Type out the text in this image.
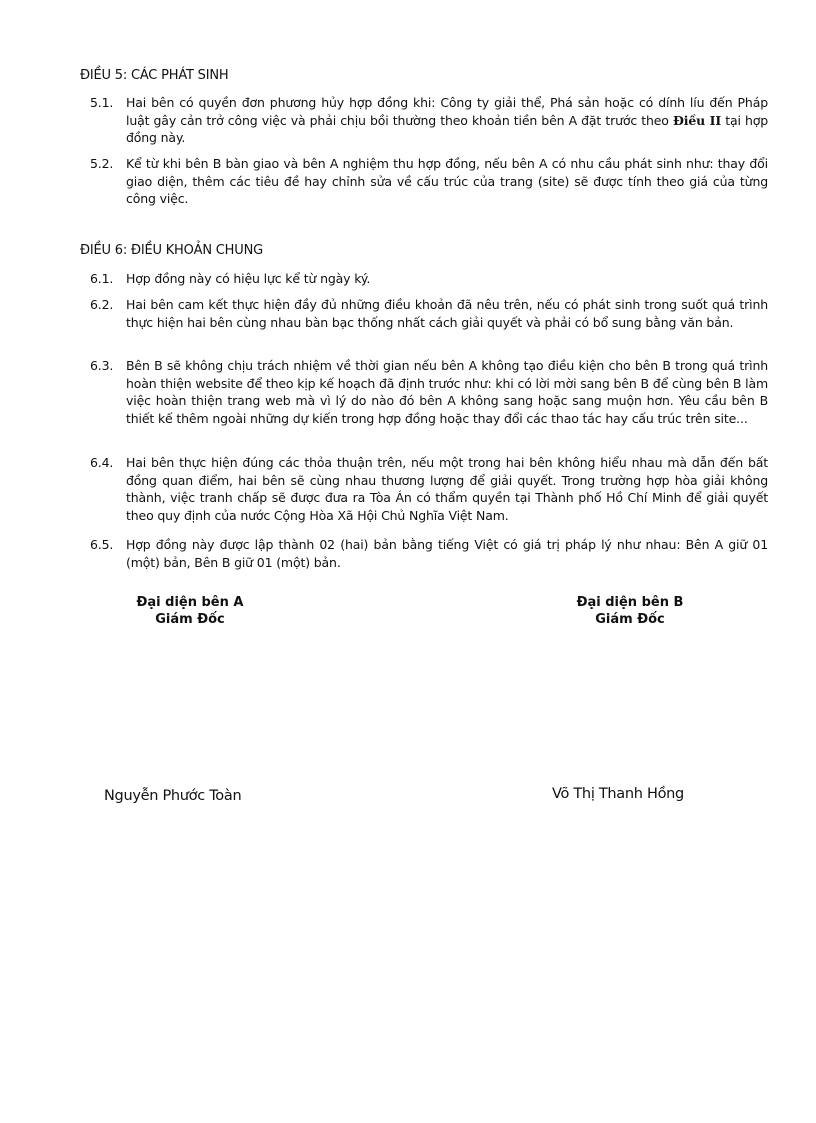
ĐIỀU 5: CÁC PHÁT SINH
5.1.	Hai bên có quyền đơn phương hủy hợp đồng khi: Công ty giải thể, Phá sản hoặc có dính líu đến Pháp luật gây cản trở công việc và phải chịu bồi thường theo khoản tiền bên A đặt trước theo Điều II tại hợp đồng này.
5.2.	Kể từ khi bên B bàn giao và bên A nghiệm thu hợp đồng, nếu bên A có nhu cầu phát sinh như: thay đổi giao diện, thêm các tiêu đề hay chỉnh sửa về cấu trúc của trang (site) sẽ được tính theo giá của từng công việc.
ĐIỀU 6: ĐIỀU KHOẢN CHUNG
6.1.	Hợp đồng này có hiệu lực kể từ ngày ký.
6.2.	Hai bên cam kết thực hiện đầy đủ những điều khoản đã nêu trên, nếu có phát sinh trong suốt quá trình thực hiện hai bên cùng nhau bàn bạc thống nhất cách giải quyết và phải có bổ sung bằng văn bản.
6.3.	Bên B sẽ không chịu trách nhiệm về thời gian nếu bên A không tạo điều kiện cho bên B trong quá trình hoàn thiện website để theo kịp kế hoạch đã định trước như: khi có lời mời sang bên B để cùng bên B làm việc hoàn thiện trang web mà vì lý do nào đó bên A không sang hoặc sang muộn hơn. Yêu cầu bên B thiết kế thêm ngoài những dự kiến trong hợp đồng hoặc thay đổi các thao tác hay cấu trúc trên site...
6.4.	Hai bên thực hiện đúng các thỏa thuận trên, nếu một trong hai bên không hiểu nhau mà dẫn đến bất đồng quan điểm, hai bên sẽ cùng nhau thương lượng để giải quyết. Trong trường hợp hòa giải không thành, việc tranh chấp sẽ được đưa ra Tòa Án có thẩm quyền tại Thành phố Hồ Chí Minh để giải quyết theo quy định của nước Cộng Hòa Xã Hội Chủ Nghĩa Việt Nam.
6.5.	Hợp đồng này được lập thành 02 (hai) bản bằng tiếng Việt có giá trị pháp lý như nhau: Bên A giữ 01 (một) bản, Bên B giữ 01 (một) bản.
Đại diện bên A
Giám Đốc
Đại diện bên B
Giám Đốc
Nguyễn Phước Toàn	Võ Thị Thanh Hồng
